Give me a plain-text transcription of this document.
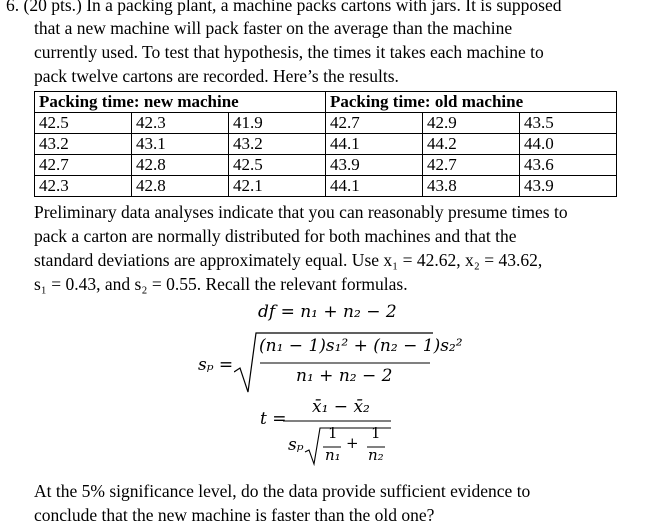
6. (20 pts.) In a packing plant, a machine packs cartons with jars. It is supposed
that a new machine will pack faster on the average than the machine
currently used. To test that hypothesis, the times it takes each machine to
pack twelve cartons are recorded. Here’s the results.
Packing time: new machine			Packing time: old machine		
42.5	42.3	41.9	42.7	42.9	43.5
43.2	43.1	43.2	44.1	44.2	44.0
42.7	42.8	42.5	43.9	42.7	43.6
42.3	42.8	42.1	44.1	43.8	43.9
Preliminary data analyses indicate that you can reasonably presume times to
pack a carton are normally distributed for both machines and that the
standard deviations are approximately equal. Use x₁ = 42.62, x₂ = 43.62,
s₁ = 0.43, and s₂ = 0.55. Recall the relevant formulas.
df = n₁ + n₂ − 2
sₚ =
(n₁ − 1)s₁² + (n₂ − 1)s₂²
n₁ + n₂ − 2
t =
x̄₁ − x̄₂
sₚ
1
n₁
+
1
n₂
At the 5% significance level, do the data provide sufficient evidence to
conclude that the new machine is faster than the old one?
